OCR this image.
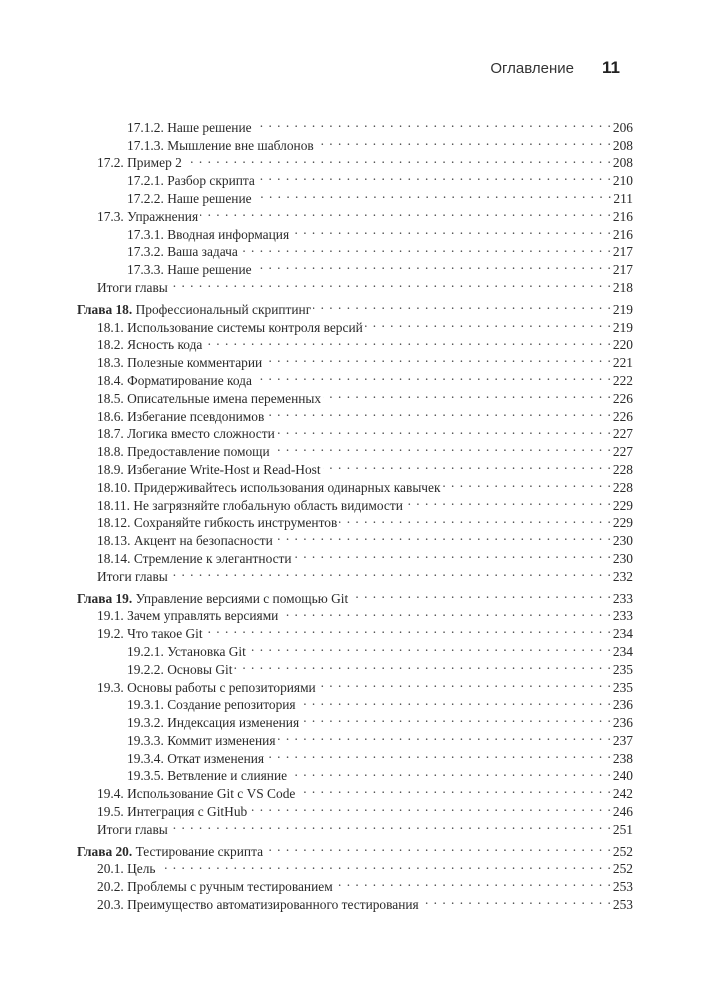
Оглавление 11
17.1.2. Наше решение . . .	206
17.1.3. Мышление вне шаблонов . . .	208
17.2. Пример 2 . . .	208
17.2.1. Разбор скрипта . . .	210
17.2.2. Наше решение . . .	211
17.3. Упражнения . . .	216
17.3.1. Вводная информация . . .	216
17.3.2. Ваша задача . . .	217
17.3.3. Наше решение . . .	217
Итоги главы . . .	218
Глава 18. Профессиональный скриптинг . . .	219
18.1. Использование системы контроля версий . . .	219
18.2. Ясность кода . . .	220
18.3. Полезные комментарии . . .	221
18.4. Форматирование кода . . .	222
18.5. Описательные имена переменных . . .	226
18.6. Избегание псевдонимов . . .	226
18.7. Логика вместо сложности . . .	227
18.8. Предоставление помощи . . .	227
18.9. Избегание Write-Host и Read-Host . . .	228
18.10. Придерживайтесь использования одинарных кавычек . . .	228
18.11. Не загрязняйте глобальную область видимости . . .	229
18.12. Сохраняйте гибкость инструментов . . .	229
18.13. Акцент на безопасности . . .	230
18.14. Стремление к элегантности . . .	230
Итоги главы . . .	232
Глава 19. Управление версиями с помощью Git . . .	233
19.1. Зачем управлять версиями . . .	233
19.2. Что такое Git . . .	234
19.2.1. Установка Git . . .	234
19.2.2. Основы Git . . .	235
19.3. Основы работы с репозиториями . . .	235
19.3.1. Создание репозитория . . .	236
19.3.2. Индексация изменения . . .	236
19.3.3. Коммит изменения . . .	237
19.3.4. Откат изменения . . .	238
19.3.5. Ветвление и слияние . . .	240
19.4. Использование Git с VS Code . . .	242
19.5. Интеграция с GitHub . . .	246
Итоги главы . . .	251
Глава 20. Тестирование скрипта . . .	252
20.1. Цель . . .	252
20.2. Проблемы с ручным тестированием . . .	253
20.3. Преимущество автоматизированного тестирования . . .	253
